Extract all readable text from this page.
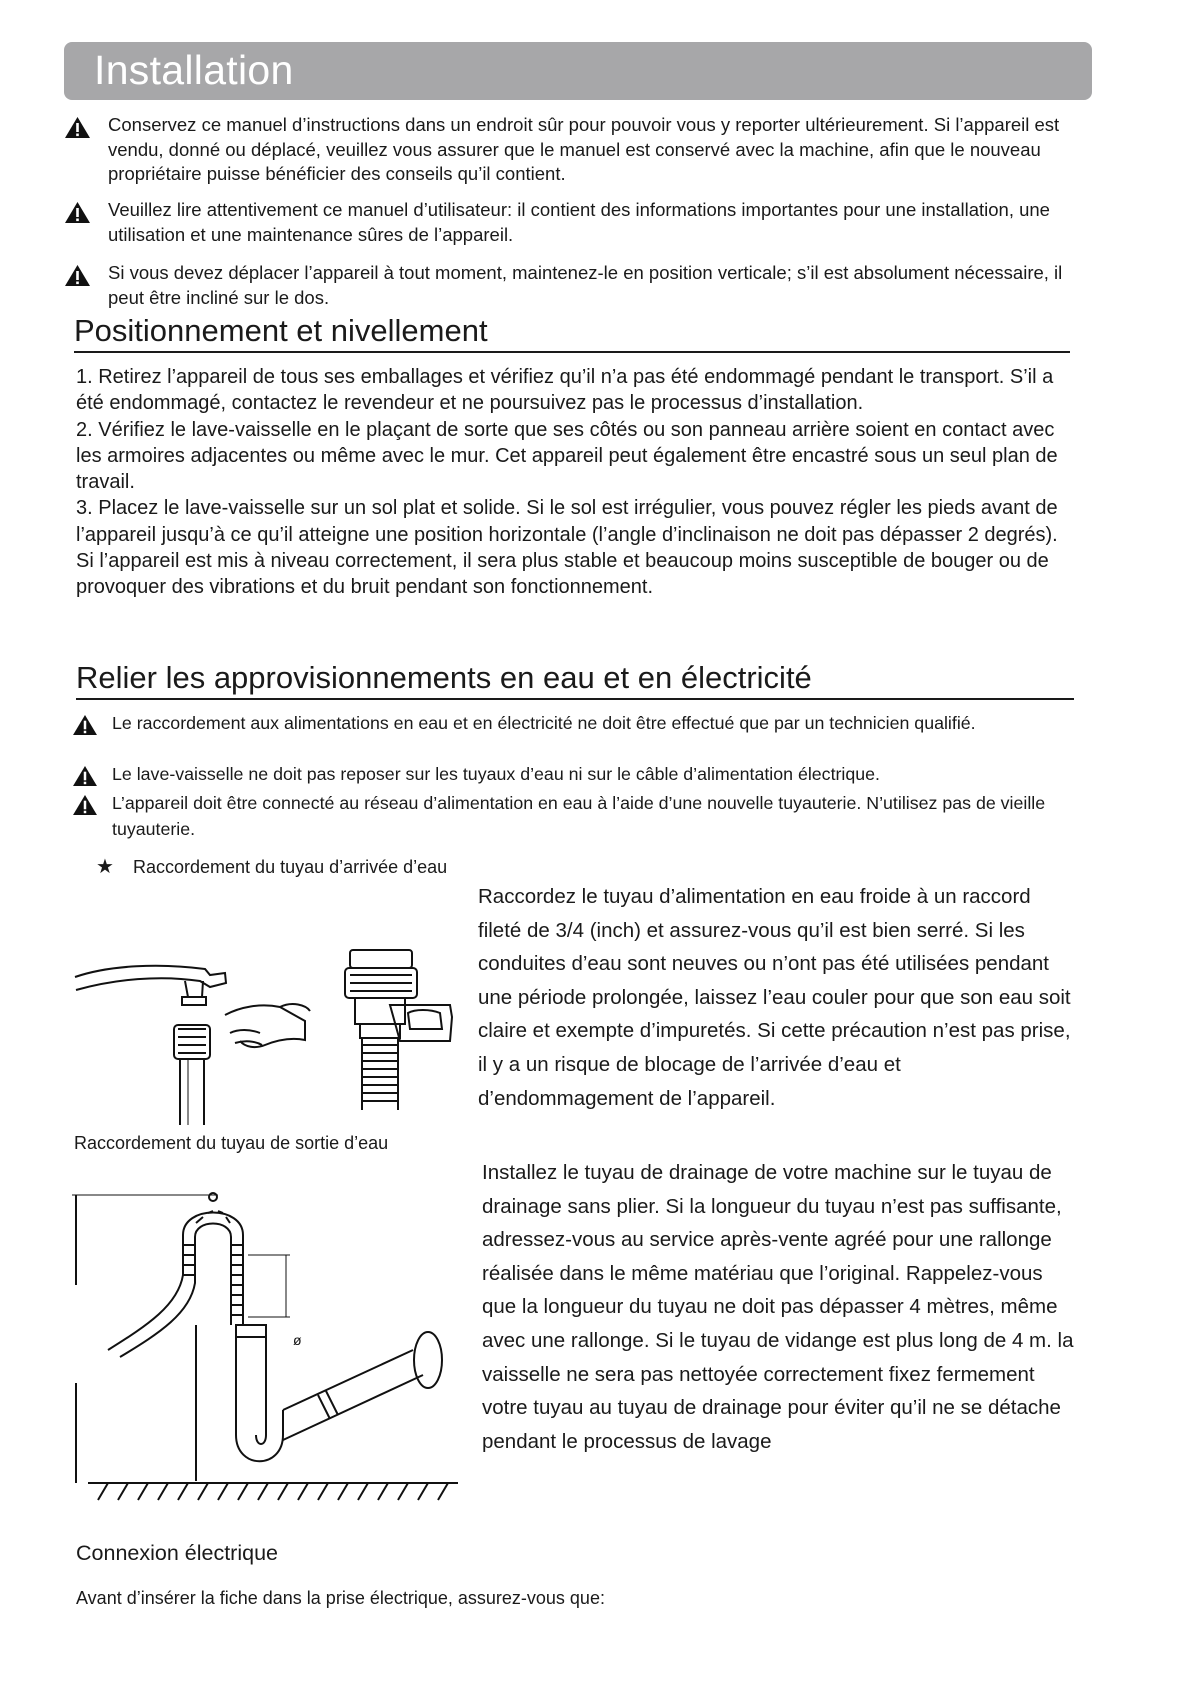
Installation
Conservez ce manuel d’instructions dans un endroit sûr pour pouvoir vous y reporter ultérieurement. Si l’appareil est vendu, donné ou déplacé, veuillez vous assurer que le manuel est conservé avec la machine, afin que le nouveau propriétaire puisse bénéficier des conseils qu’il contient.
Veuillez lire attentivement ce manuel d’utilisateur: il contient des informations importantes pour une installation, une utilisation et une maintenance sûres de l’appareil.
Si vous devez déplacer l’appareil à tout moment, maintenez-le en position verticale; s’il est absolument nécessaire, il peut être incliné sur le dos.
Positionnement et nivellement

1. Retirez l’appareil de tous ses emballages et vérifiez qu’il n’a pas été endommagé pendant le transport. S’il a été endommagé, contactez le revendeur et ne poursuivez pas le processus d’installation.

2. Vérifiez le lave-vaisselle en le plaçant de sorte que ses côtés ou son panneau arrière soient en contact avec les armoires adjacentes ou même avec le mur. Cet appareil peut également être encastré sous un seul plan de travail.

3. Placez le lave-vaisselle sur un sol plat et solide. Si le sol est irrégulier, vous pouvez régler les pieds avant de l’appareil jusqu’à ce qu’il atteigne une position horizontale (l’angle d’inclinaison ne doit pas dépasser 2 degrés). Si l’appareil est mis à niveau correctement, il sera plus stable et beaucoup moins susceptible de bouger ou de provoquer des vibrations et du bruit pendant son fonctionnement.

Relier les approvisionnements en eau et en électricité
Le raccordement aux alimentations en eau et en électricité ne doit être effectué que par un technicien qualifié.
Le lave-vaisselle ne doit pas reposer sur les tuyaux d’eau ni sur le câble d’alimentation électrique.
L’appareil doit être connecté au réseau d’alimentation en eau à l’aide d’une nouvelle tuyauterie. N’utilisez pas de vieille tuyauterie.
★ Raccordement du tuyau d’arrivée d’eau
Raccordez le tuyau d’alimentation en eau froide à un raccord fileté de 3/4 (inch) et assurez-vous qu’il est bien serré. Si les conduites d’eau sont neuves ou n’ont pas été utilisées pendant une période prolongée, laissez l’eau couler pour que son eau soit claire et exempte d’impuretés. Si cette précaution n’est pas prise, il y a un risque de blocage de l’arrivée d’eau et d’endommagement de l’appareil.
Raccordement du tuyau de sortie d’eau
Installez le tuyau de drainage de votre machine sur le tuyau de drainage sans plier. Si la longueur du tuyau n’est pas suffisante, adressez-vous au service après-vente agréé pour une rallonge réalisée dans le même matériau que l’original. Rappelez-vous que la longueur du tuyau ne doit pas dépasser 4 mètres, même avec une rallonge. Si le tuyau de vidange est plus long de 4 m. la vaisselle ne sera pas nettoyée correctement fixez fermement votre tuyau au tuyau de drainage pour éviter qu’il ne se détache pendant le processus de lavage
ø
Connexion électrique
Avant d’insérer la fiche dans la prise électrique, assurez-vous que:
